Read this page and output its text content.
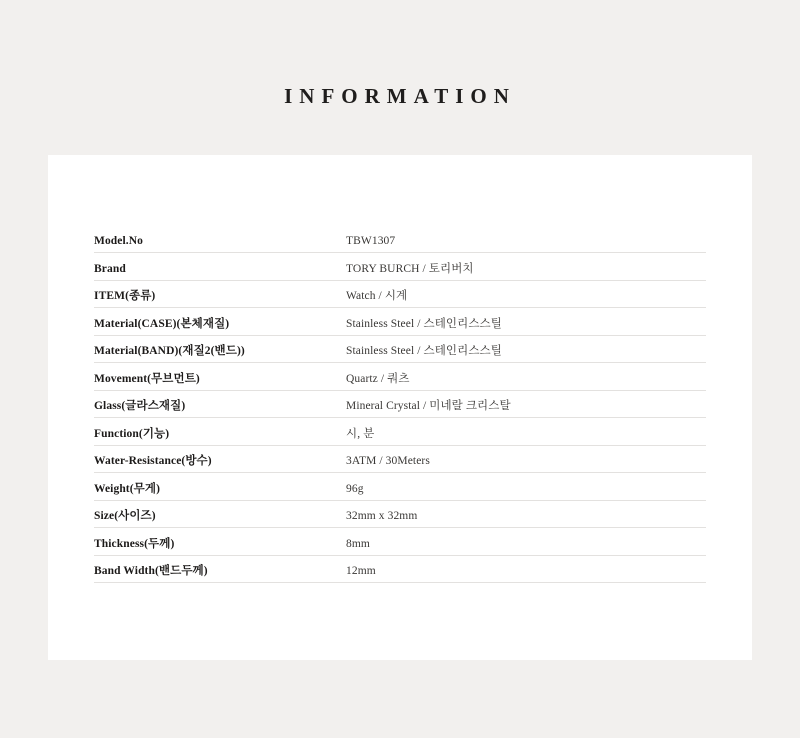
INFORMATION
Model.No	TBW1307
Brand	TORY BURCH / 토리버치
ITEM(종류)	Watch / 시계
Material(CASE)(본체재질)	Stainless Steel / 스테인리스스틸
Material(BAND)(재질2(밴드))	Stainless Steel / 스테인리스스틸
Movement(무브먼트)	Quartz / 쿼츠
Glass(글라스재질)	Mineral Crystal / 미네랄 크리스탈
Function(기능)	시, 분
Water-Resistance(방수)	3ATM / 30Meters
Weight(무게)	96g
Size(사이즈)	32mm x 32mm
Thickness(두께)	8mm
Band Width(밴드두께)	12mm
